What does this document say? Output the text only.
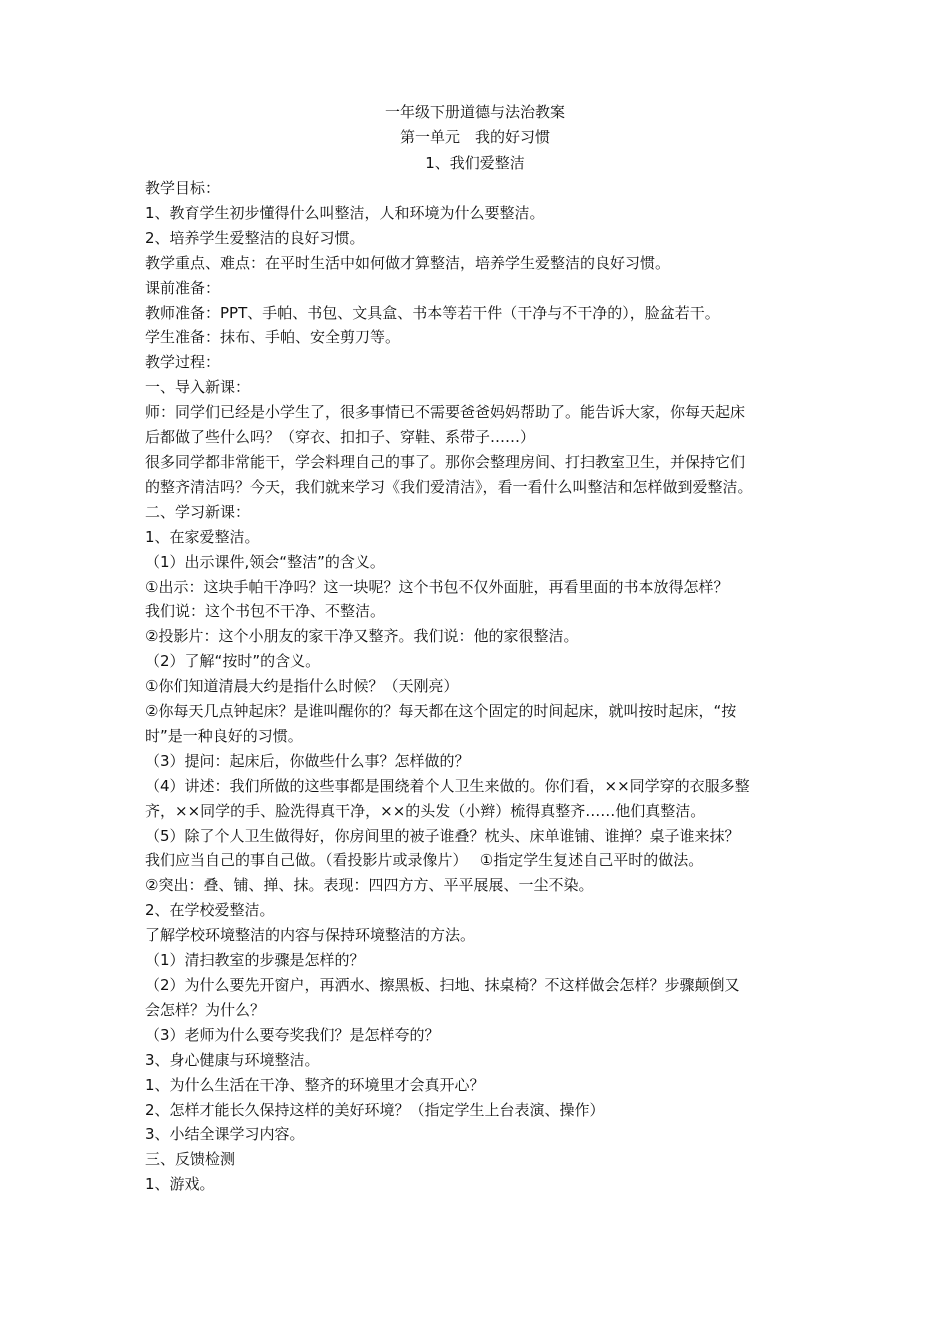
一年级下册道德与法治教案
第一单元　我的好习惯
1、我们爱整洁
教学目标：
1、教育学生初步懂得什么叫整洁，人和环境为什么要整洁。
2、培养学生爱整洁的良好习惯。
教学重点、难点：在平时生活中如何做才算整洁，培养学生爱整洁的良好习惯。
课前准备：
教师准备：PPT、手帕、书包、文具盒、书本等若干件（干净与不干净的），脸盆若干。
学生准备：抹布、手帕、安全剪刀等。
教学过程：
一、导入新课：
师：同学们已经是小学生了，很多事情已不需要爸爸妈妈帮助了。能告诉大家，你每天起床
后都做了些什么吗？（穿衣、扣扣子、穿鞋、系带子……）
很多同学都非常能干，学会料理自己的事了。那你会整理房间、打扫教室卫生，并保持它们
的整齐清洁吗？今天，我们就来学习《我们爱清洁》，看一看什么叫整洁和怎样做到爱整洁。
二、学习新课：
1、在家爱整洁。
（1）出示课件,领会“整洁”的含义。
①出示：这块手帕干净吗？这一块呢？这个书包不仅外面脏，再看里面的书本放得怎样？
我们说：这个书包不干净、不整洁。
②投影片：这个小朋友的家干净又整齐。我们说：他的家很整洁。
（2）了解“按时”的含义。
①你们知道清晨大约是指什么时候？（天刚亮）
②你每天几点钟起床？是谁叫醒你的？每天都在这个固定的时间起床，就叫按时起床，“按
时”是一种良好的习惯。
（3）提问：起床后，你做些什么事？怎样做的？
（4）讲述：我们所做的这些事都是围绕着个人卫生来做的。你们看，××同学穿的衣服多整
齐，××同学的手、脸洗得真干净，××的头发（小辫）梳得真整齐……他们真整洁。
（5）除了个人卫生做得好，你房间里的被子谁叠？枕头、床单谁铺、谁掸？桌子谁来抹？
我们应当自己的事自己做。（看投影片或录像片）　 ①指定学生复述自己平时的做法。
②突出：叠、铺、掸、抹。表现：四四方方、平平展展、一尘不染。
2、在学校爱整洁。
了解学校环境整洁的内容与保持环境整洁的方法。
（1）清扫教室的步骤是怎样的？
（2）为什么要先开窗户，再洒水、擦黑板、扫地、抹桌椅？不这样做会怎样？步骤颠倒又
会怎样？为什么？
（3）老师为什么要夸奖我们？是怎样夸的？
3、身心健康与环境整洁。
1、为什么生活在干净、整齐的环境里才会真开心？
2、怎样才能长久保持这样的美好环境？（指定学生上台表演、操作）
3、小结全课学习内容。
三、反馈检测
1、游戏。
